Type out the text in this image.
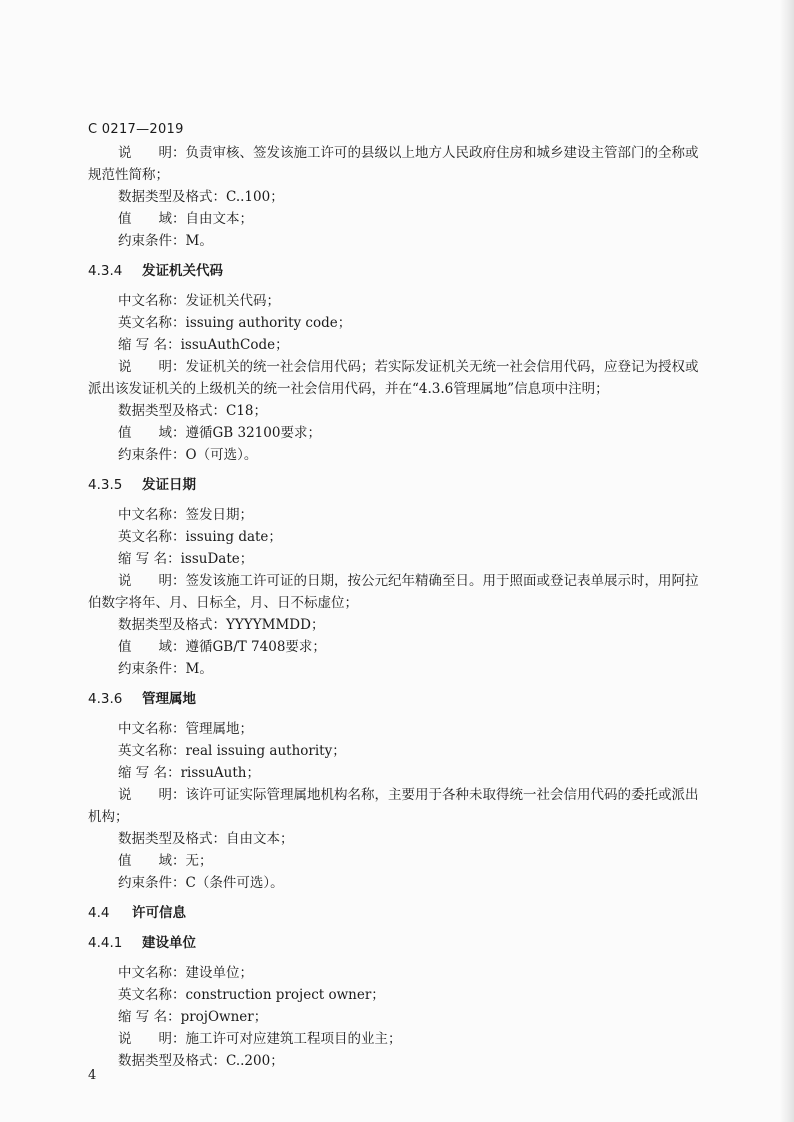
C 0217—2019
说　　明：负责审核、签发该施工许可的县级以上地方人民政府住房和城乡建设主管部门的全称或
规范性简称；
数据类型及格式：C..100；
值　　域：自由文本；
约束条件：M。
4.3.4 发证机关代码
中文名称：发证机关代码；
英文名称：issuing authority code；
缩 写 名：issuAuthCode；
说　　明：发证机关的统一社会信用代码；若实际发证机关无统一社会信用代码，应登记为授权或
派出该发证机关的上级机关的统一社会信用代码，并在“4.3.6管理属地”信息项中注明；
数据类型及格式：C18；
值　　域：遵循GB 32100要求；
约束条件：O（可选）。
4.3.5 发证日期
中文名称：签发日期；
英文名称：issuing date；
缩 写 名：issuDate；
说　　明：签发该施工许可证的日期，按公元纪年精确至日。用于照面或登记表单展示时，用阿拉
伯数字将年、月、日标全，月、日不标虚位；
数据类型及格式：YYYYMMDD；
值　　域：遵循GB/T 7408要求；
约束条件：M。
4.3.6 管理属地
中文名称：管理属地；
英文名称：real issuing authority；
缩 写 名：rissuAuth；
说　　明：该许可证实际管理属地机构名称，主要用于各种未取得统一社会信用代码的委托或派出
机构；
数据类型及格式：自由文本；
值　　域：无；
约束条件：C（条件可选）。
4.4 许可信息
4.4.1 建设单位
中文名称：建设单位；
英文名称：construction project owner；
缩 写 名：projOwner；
说　　明：施工许可对应建筑工程项目的业主；
数据类型及格式：C..200；
4
